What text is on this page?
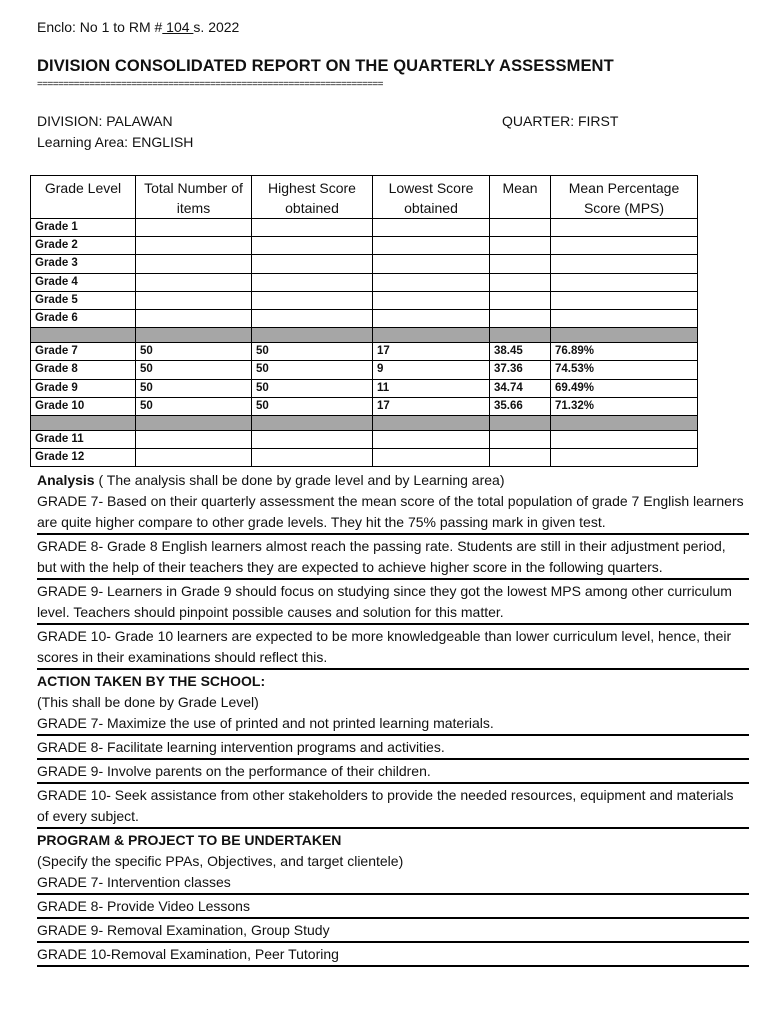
Enclo: No 1 to RM # 104 s. 2022
DIVISION CONSOLIDATED REPORT ON THE QUARTERLY ASSESSMENT
==================================================================
DIVISION: PALAWAN	QUARTER: FIRST
Learning Area: ENGLISH
Grade Level	Total Number of items	Highest Score obtained	Lowest Score obtained	Mean	Mean Percentage Score (MPS)
Grade 1					
Grade 2					
Grade 3					
Grade 4					
Grade 5					
Grade 6					

Grade 7	50	50	17	38.45	76.89%
Grade 8	50	50	9	37.36	74.53%
Grade 9	50	50	11	34.74	69.49%
Grade 10	50	50	17	35.66	71.32%

Grade 11					
Grade 12					

Analysis ( The analysis shall be done by grade level and by Learning area)

GRADE 7- Based on their quarterly assessment the mean score of the total population of grade 7 English learners are quite higher compare to other grade levels. They hit the 75% passing mark in given test.

GRADE 8- Grade 8 English learners almost reach the passing rate. Students are still in their adjustment period, but with the help of their teachers they are expected to achieve higher score in the following quarters.

GRADE 9- Learners in Grade 9 should focus on studying since they got the lowest MPS among other curriculum level. Teachers should pinpoint possible causes and solution for this matter.

GRADE 10- Grade 10 learners are expected to be more knowledgeable than lower curriculum level, hence, their scores in their examinations should reflect this.

ACTION TAKEN BY THE SCHOOL:

(This shall be done by Grade Level)

GRADE 7- Maximize the use of printed and not printed learning materials.

GRADE 8- Facilitate learning intervention programs and activities.

GRADE 9- Involve parents on the performance of their children.

GRADE 10- Seek assistance from other stakeholders to provide the needed resources, equipment and materials of every subject.

PROGRAM & PROJECT TO BE UNDERTAKEN

(Specify the specific PPAs, Objectives, and target clientele)

GRADE 7- Intervention classes

GRADE 8- Provide Video Lessons

GRADE 9- Removal Examination, Group Study

GRADE 10-Removal Examination, Peer Tutoring
